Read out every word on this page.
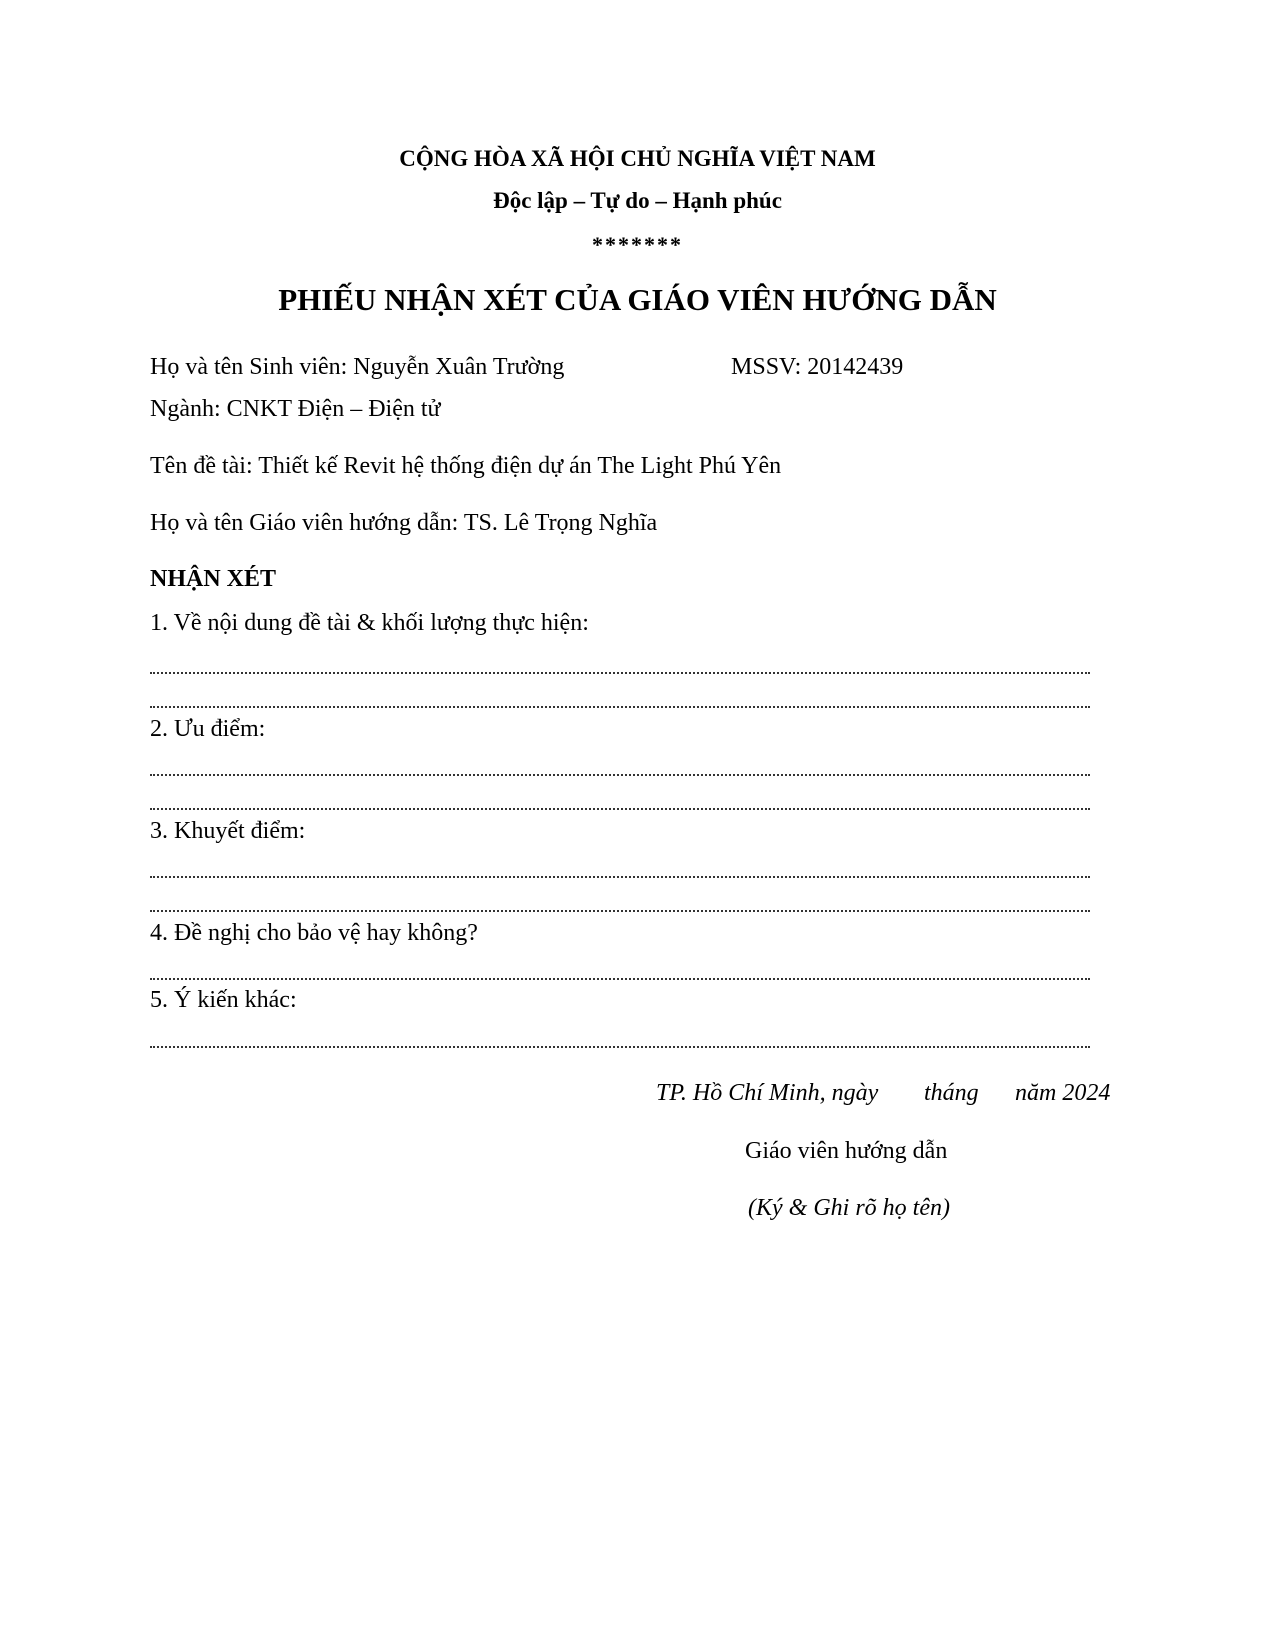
CỘNG HÒA XÃ HỘI CHỦ NGHĨA VIỆT NAM
Độc lập – Tự do – Hạnh phúc
*******
PHIẾU NHẬN XÉT CỦA GIÁO VIÊN HƯỚNG DẪN
Họ và tên Sinh viên: Nguyễn Xuân Trường	MSSV: 20142439
Ngành: CNKT Điện – Điện tử
Tên đề tài: Thiết kế Revit hệ thống điện dự án The Light Phú Yên
Họ và tên Giáo viên hướng dẫn: TS. Lê Trọng Nghĩa
NHẬN XÉT
1. Về nội dung đề tài & khối lượng thực hiện:
2. Ưu điểm:
3. Khuyết điểm:
4. Đề nghị cho bảo vệ hay không?
5. Ý kiến khác:
TP. Hồ Chí Minh, ngày tháng năm 2024
Giáo viên hướng dẫn
(Ký & Ghi rõ họ tên)
